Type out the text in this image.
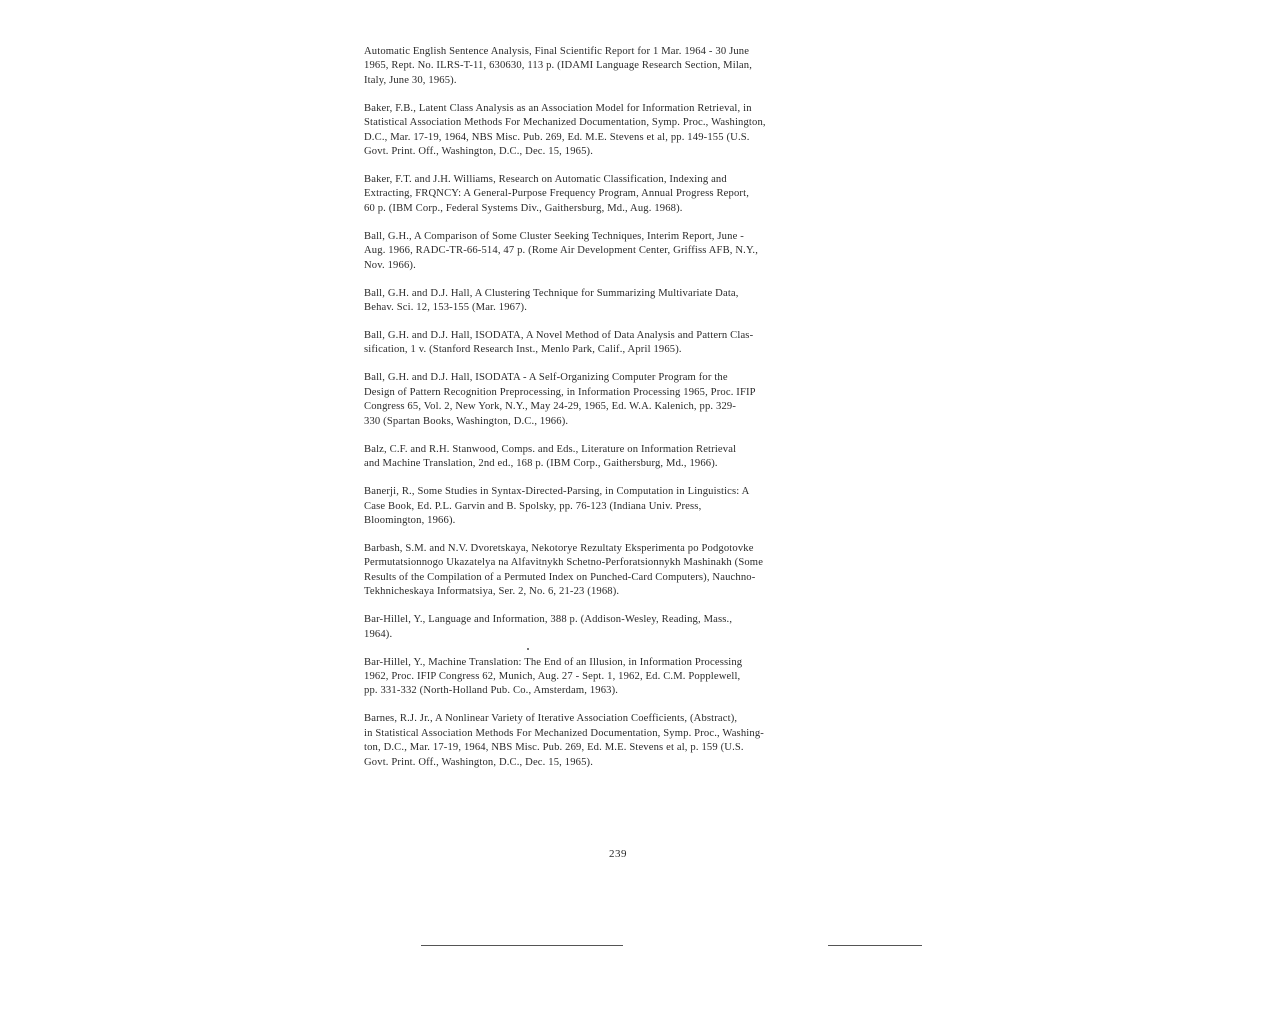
Automatic English Sentence Analysis, Final Scientific Report for 1 Mar. 1964 - 30 June
1965, Rept. No. ILRS-T-11, 630630, 113 p. (IDAMI Language Research Section, Milan,
Italy, June 30, 1965).

Baker, F.B., Latent Class Analysis as an Association Model for Information Retrieval, in
Statistical Association Methods For Mechanized Documentation, Symp. Proc., Washington,
D.C., Mar. 17-19, 1964, NBS Misc. Pub. 269, Ed. M.E. Stevens et al, pp. 149-155 (U.S.
Govt. Print. Off., Washington, D.C., Dec. 15, 1965).

Baker, F.T. and J.H. Williams, Research on Automatic Classification, Indexing and
Extracting, FRQNCY: A General-Purpose Frequency Program, Annual Progress Report,
60 p. (IBM Corp., Federal Systems Div., Gaithersburg, Md., Aug. 1968).

Ball, G.H., A Comparison of Some Cluster Seeking Techniques, Interim Report, June -
Aug. 1966, RADC-TR-66-514, 47 p. (Rome Air Development Center, Griffiss AFB, N.Y.,
Nov. 1966).

Ball, G.H. and D.J. Hall, A Clustering Technique for Summarizing Multivariate Data,
Behav. Sci. 12, 153-155 (Mar. 1967).

Ball, G.H. and D.J. Hall, ISODATA, A Novel Method of Data Analysis and Pattern Clas-
sification, 1 v. (Stanford Research Inst., Menlo Park, Calif., April 1965).

Ball, G.H. and D.J. Hall, ISODATA - A Self-Organizing Computer Program for the
Design of Pattern Recognition Preprocessing, in Information Processing 1965, Proc. IFIP
Congress 65, Vol. 2, New York, N.Y., May 24-29, 1965, Ed. W.A. Kalenich, pp. 329-
330 (Spartan Books, Washington, D.C., 1966).

Balz, C.F. and R.H. Stanwood, Comps. and Eds., Literature on Information Retrieval
and Machine Translation, 2nd ed., 168 p. (IBM Corp., Gaithersburg, Md., 1966).

Banerji, R., Some Studies in Syntax-Directed-Parsing, in Computation in Linguistics: A
Case Book, Ed. P.L. Garvin and B. Spolsky, pp. 76-123 (Indiana Univ. Press,
Bloomington, 1966).

Barbash, S.M. and N.V. Dvoretskaya, Nekotorye Rezultaty Eksperimenta po Podgotovke
Permutatsionnogo Ukazatelya na Alfavitnykh Schetno-Perforatsionnykh Mashinakh (Some
Results of the Compilation of a Permuted Index on Punched-Card Computers), Nauchno-
Tekhnicheskaya Informatsiya, Ser. 2, No. 6, 21-23 (1968).

Bar-Hillel, Y., Language and Information, 388 p. (Addison-Wesley, Reading, Mass.,
1964).

Bar-Hillel, Y., Machine Translation: The End of an Illusion, in Information Processing
1962, Proc. IFIP Congress 62, Munich, Aug. 27 - Sept. 1, 1962, Ed. C.M. Popplewell,
pp. 331-332 (North-Holland Pub. Co., Amsterdam, 1963).

Barnes, R.J. Jr., A Nonlinear Variety of Iterative Association Coefficients, (Abstract),
in Statistical Association Methods For Mechanized Documentation, Symp. Proc., Washing-
ton, D.C., Mar. 17-19, 1964, NBS Misc. Pub. 269, Ed. M.E. Stevens et al, p. 159 (U.S.
Govt. Print. Off., Washington, D.C., Dec. 15, 1965).

239
